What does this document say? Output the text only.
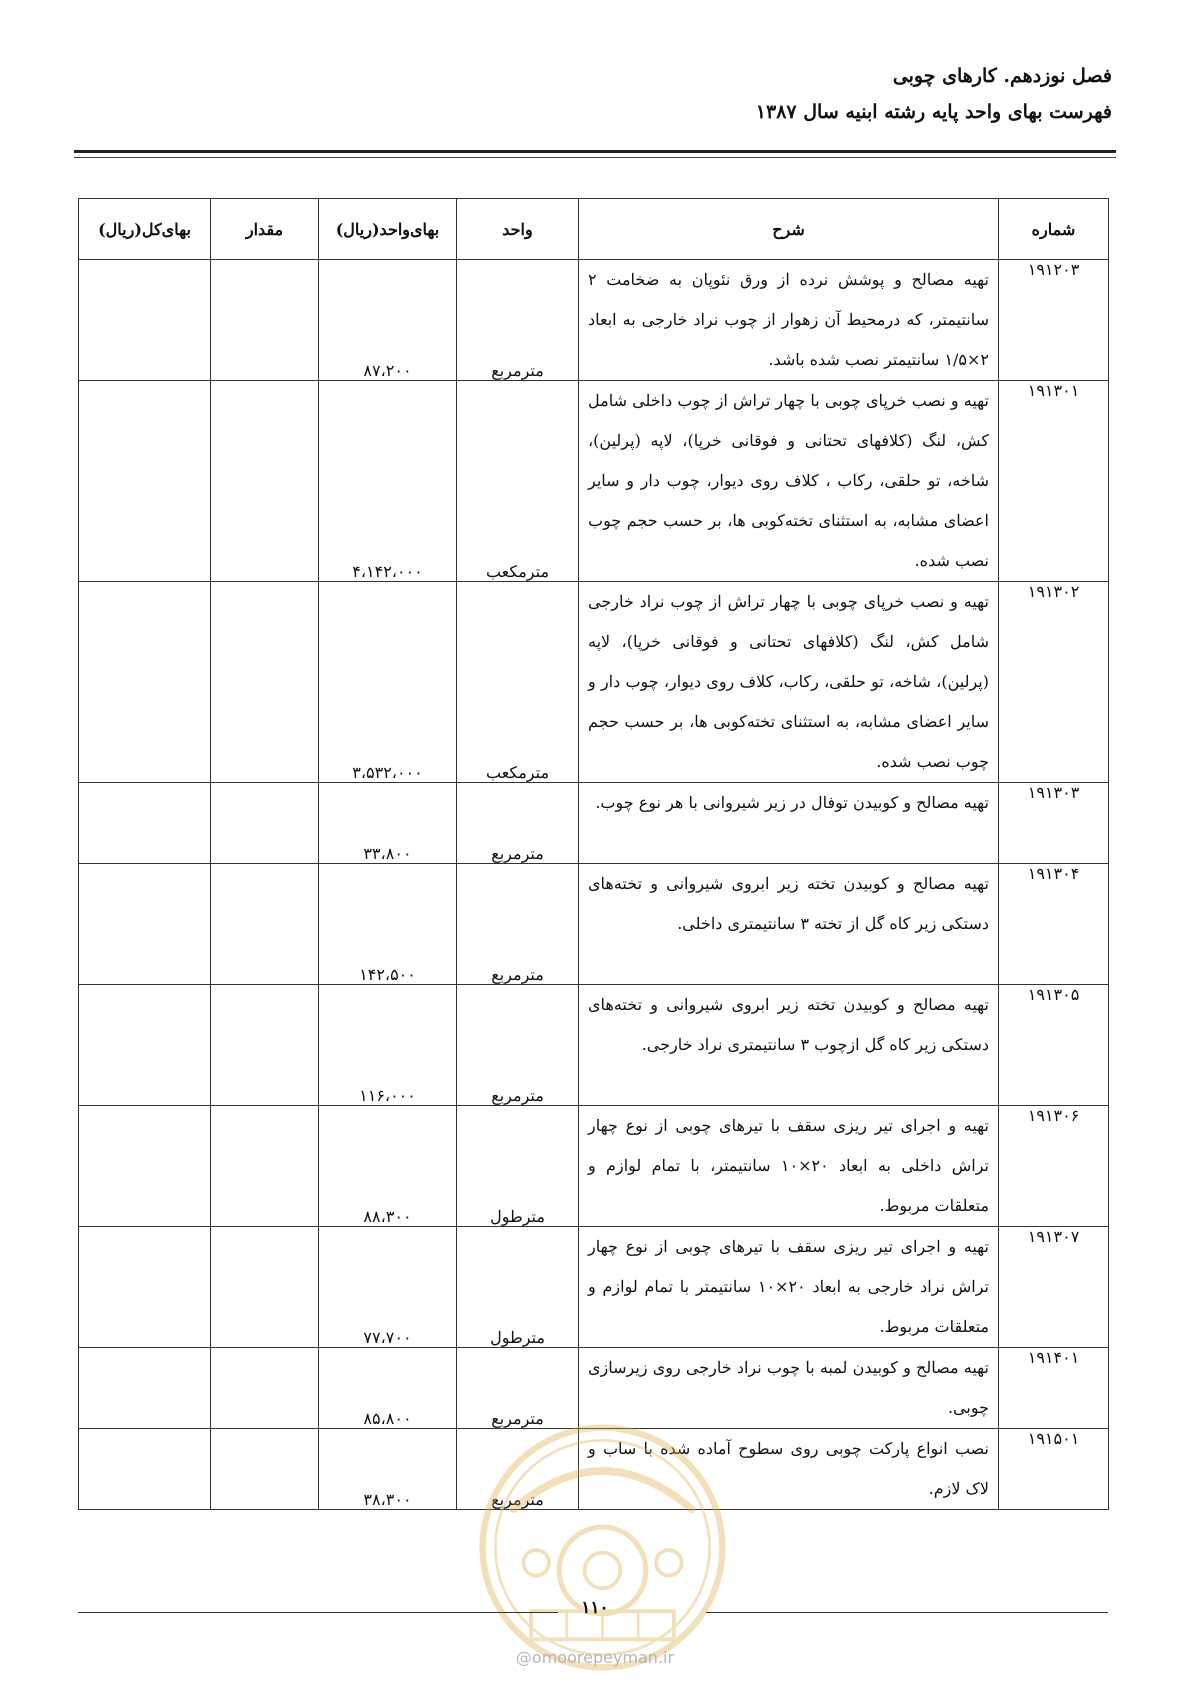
فصل نوزدهم. کارهای چوبی
فهرست بهای واحد پایه رشته ابنیه سال ۱۳۸۷
شماره	شرح	واحد	بهای‌واحد(ریال)	مقدار	بهای‌کل(ریال)
۱۹۱۲۰۳	تهیه مصالح و پوشش نرده از ورق نئوپان به ضخامت ۲ سانتیمتر، که درمحیط آن زهوار از چوب نراد خارجی به ابعاد ۲×۱/۵ سانتیمتر نصب شده باشد.	مترمربع	۸۷،۲۰۰		
۱۹۱۳۰۱	تهیه و نصب خرپای چوبی با چهار تراش از چوب داخلی شامل کش، لنگ (کلافهای تحتانی و فوقانی خرپا)، لاپه (پرلین)، شاخه، تو حلقی، رکاب ، کلاف روی دیوار، چوب دار و سایر اعضای مشابه، به استثنای تخته‌کوبی ها، بر حسب حجم چوب نصب شده.	مترمکعب	۴،۱۴۲،۰۰۰		
۱۹۱۳۰۲	تهیه و نصب خرپای چوبی با چهار تراش از چوب نراد خارجی شامل کش، لنگ (کلافهای تحتانی و فوقانی خرپا)، لاپه (پرلین)، شاخه، تو حلقی، رکاب، کلاف روی دیوار، چوب دار و سایر اعضای مشابه، به استثنای تخته‌کوبی ها، بر حسب حجم چوب نصب شده.	مترمکعب	۳،۵۳۲،۰۰۰		
۱۹۱۳۰۳	تهیه مصالح و کوبیدن توفال در زیر شیروانی با هر نوع چوب.	مترمربع	۳۳،۸۰۰		
۱۹۱۳۰۴	تهیه مصالح و کوبیدن تخته زیر ابروی شیروانی و تخته‌های دستکی زیر کاه گل از تخته ۳ سانتیمتری داخلی.	مترمربع	۱۴۲،۵۰۰		
۱۹۱۳۰۵	تهیه مصالح و کوبیدن تخته زیر ابروی شیروانی و تخته‌های دستکی زیر کاه گل ازچوب ۳ سانتیمتری نراد خارجی.	مترمربع	۱۱۶،۰۰۰		
۱۹۱۳۰۶	تهیه و اجرای تیر ریزی سقف با تیرهای چوبی از نوع چهار تراش داخلی به ابعاد ۲۰×۱۰ سانتیمتر، با تمام لوازم و متعلقات مربوط.	مترطول	۸۸،۳۰۰		
۱۹۱۳۰۷	تهیه و اجرای تیر ریزی سقف با تیرهای چوبی از نوع چهار تراش نراد خارجی به ابعاد ۲۰×۱۰ سانتیمتر با تمام لوازم و متعلقات مربوط.	مترطول	۷۷،۷۰۰		
۱۹۱۴۰۱	تهیه مصالح و کوبیدن لمبه با چوب نراد خارجی روی زیرسازی چوبی.	مترمربع	۸۵،۸۰۰		
۱۹۱۵۰۱	نصب انواع پارکت چوبی روی سطوح آماده شده با ساب و لاک لازم.	مترمربع	۳۸،۳۰۰		
۱۱۰
@omoorepeyman.ir
